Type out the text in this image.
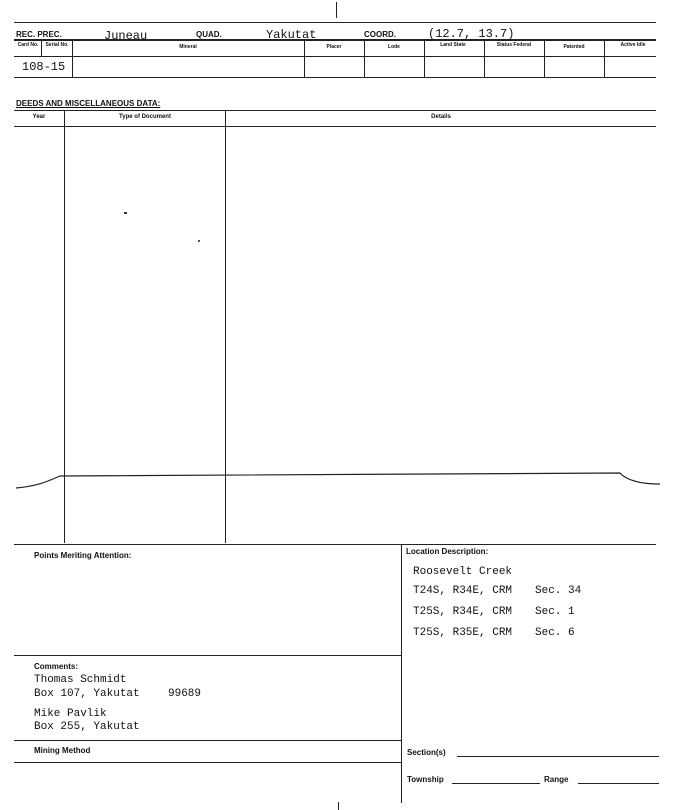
REC. PREC.	Juneau	QUAD.	Yakutat	COORD.	(12.7, 13.7)
Card No.	Serial No.	Mineral	Placer	Lode	Land State	Status Federal	Patented	Active Idle
108-15
DEEDS AND MISCELLANEOUS DATA:
Year	Type of Document	Details
Points Meriting Attention:	Location Description:
Roosevelt Creek
T24S, R34E, CRM Sec. 34
T25S, R34E, CRM Sec. 1
T25S, R35E, CRM Sec. 6
Comments:
Thomas Schmidt
Box 107, Yakutat	99689
Mike Pavlik
Box 255, Yakutat
Mining Method	Section(s)
Township	Range
